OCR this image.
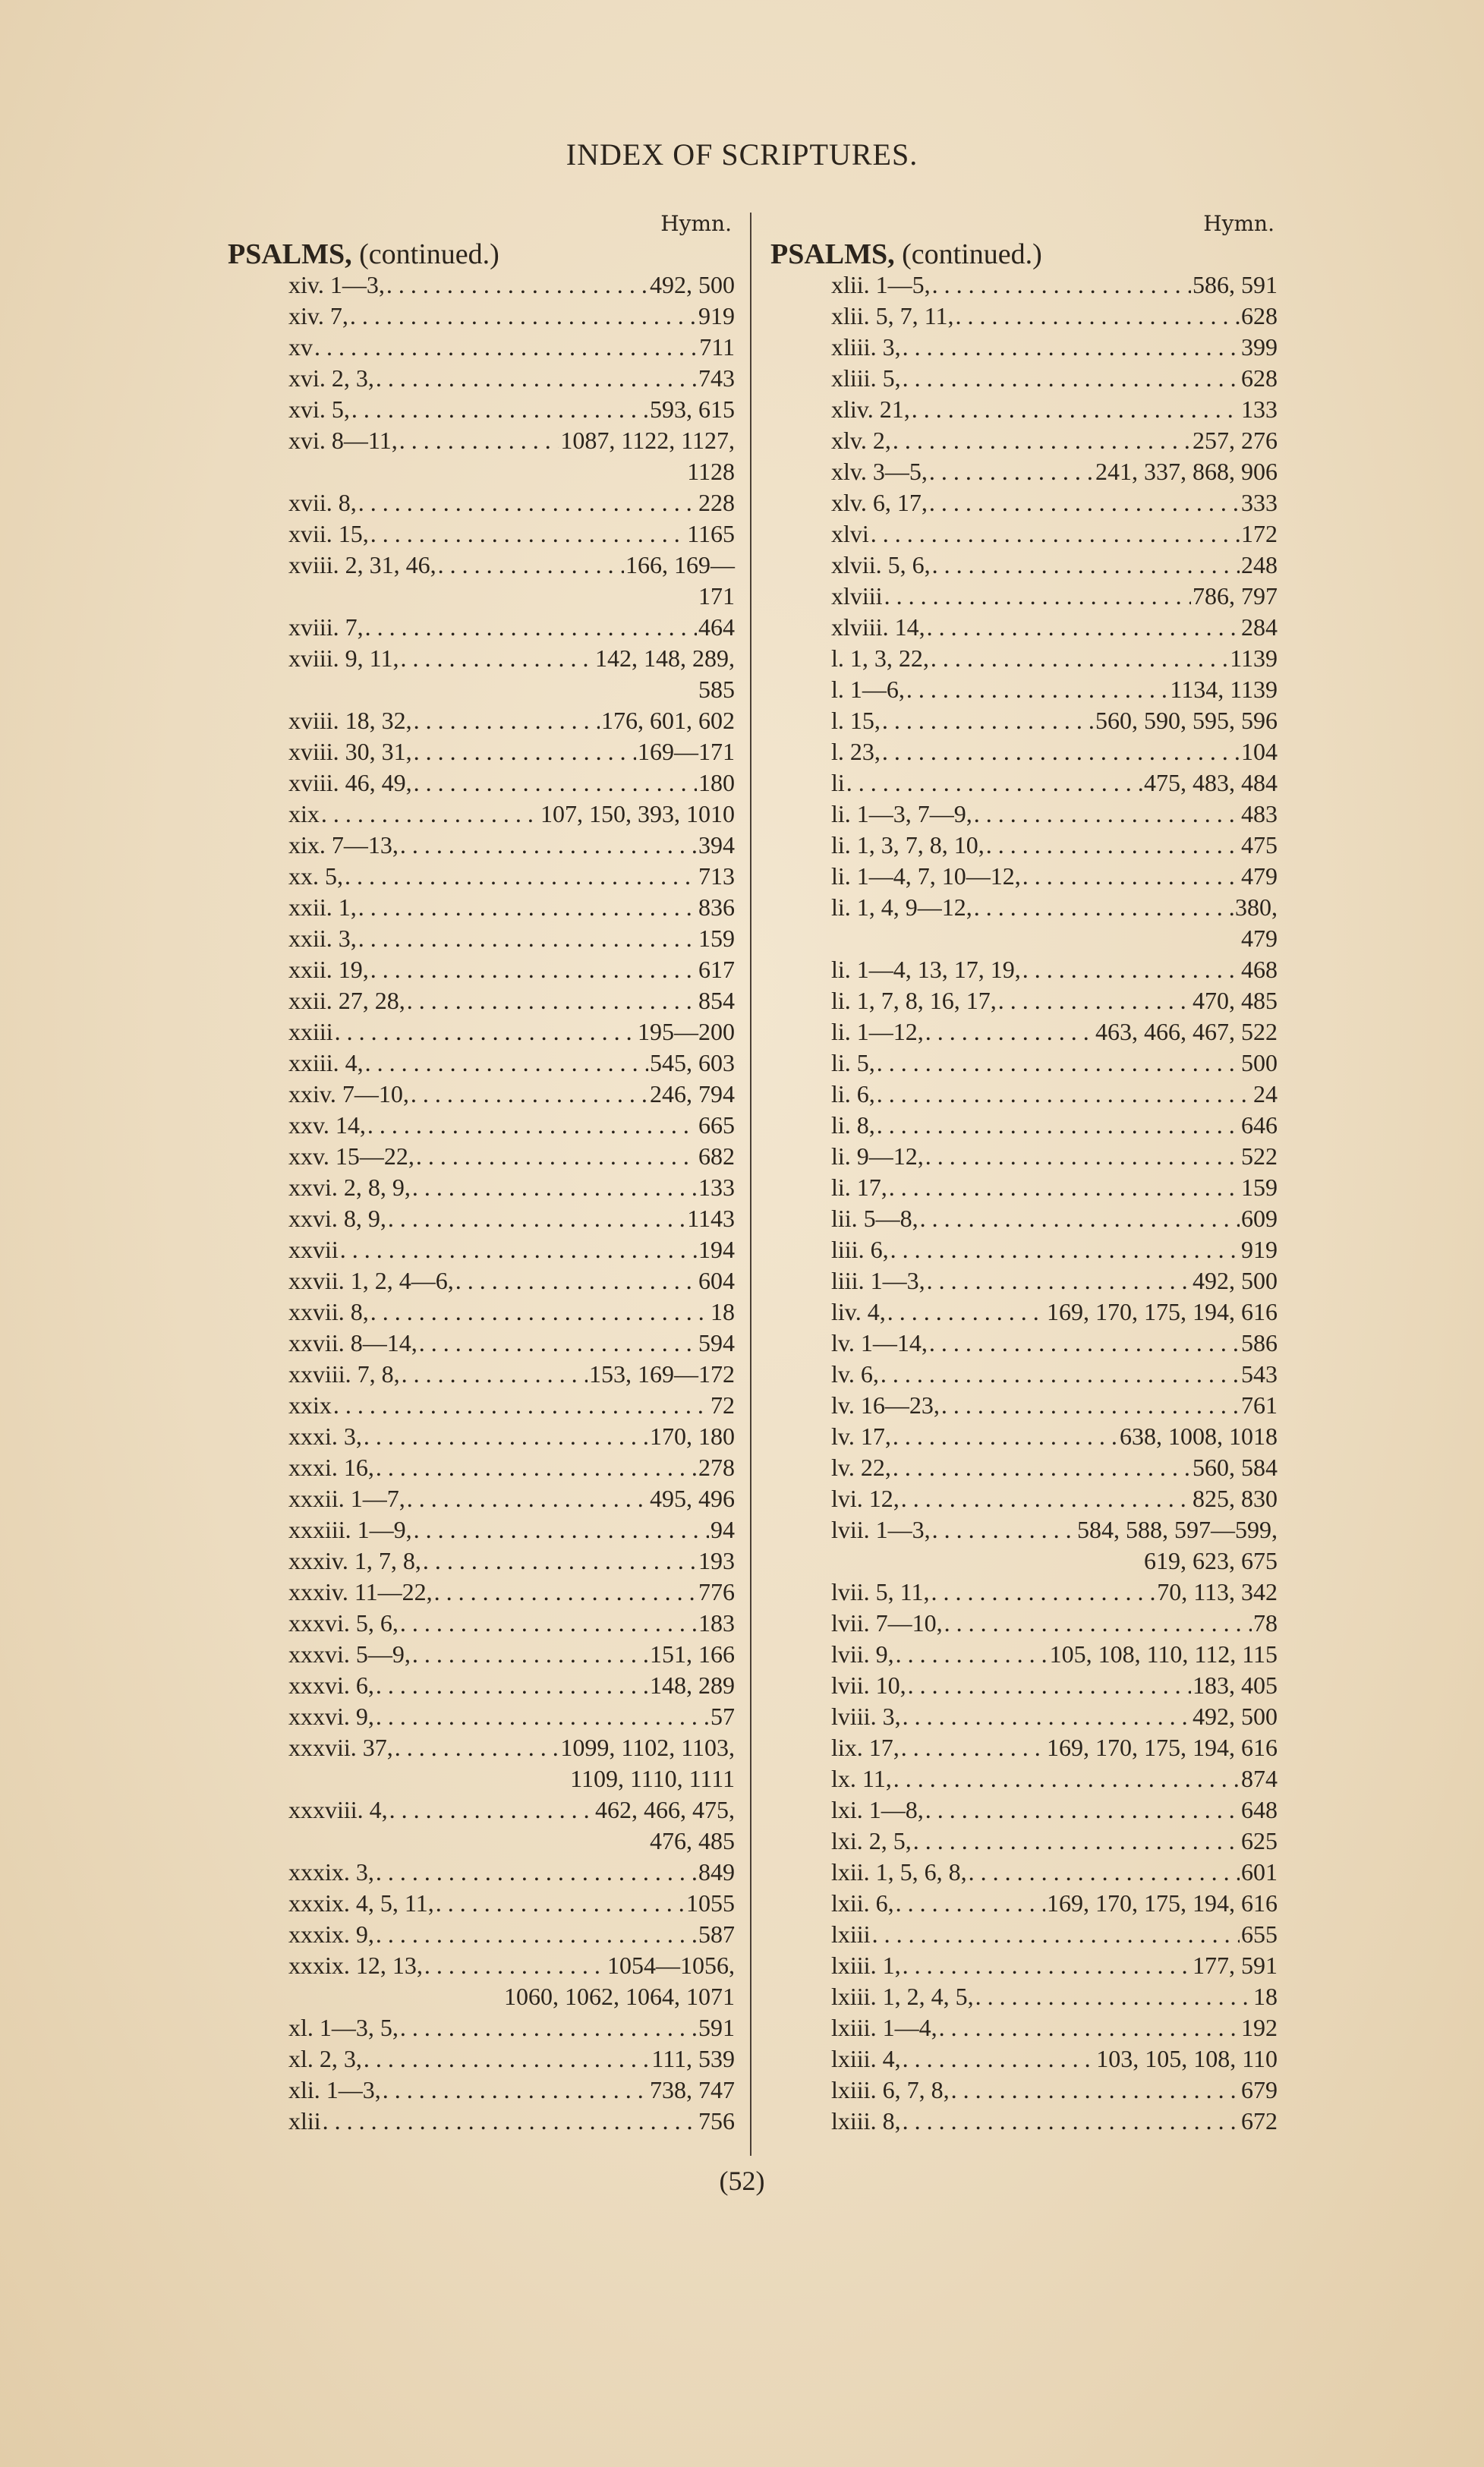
INDEX OF SCRIPTURES.
Hymn.
PSALMS, (continued.)
xiv. 1—3, . . .	492, 500
xiv. 7, . . .	919
xv . . .	711
xvi. 2, 3, . . .	743
xvi. 5, . . .	593, 615
xvi. 8—11, . . .	1087, 1122, 1127,
1128
xvii. 8, . . .	228
xvii. 15, . . .	1165
xviii. 2, 31, 46, . . .	166, 169—
171
xviii. 7, . . .	464
xviii. 9, 11, . . .	142, 148, 289,
585
xviii. 18, 32, . . .	176, 601, 602
xviii. 30, 31, . . .	169—171
xviii. 46, 49, . . .	180
xix . . .	107, 150, 393, 1010
xix. 7—13, . . .	394
xx. 5, . . .	713
xxii. 1, . . .	836
xxii. 3, . . .	159
xxii. 19, . . .	617
xxii. 27, 28, . . .	854
xxiii . . .	195—200
xxiii. 4, . . .	545, 603
xxiv. 7—10, . . .	246, 794
xxv. 14, . . .	665
xxv. 15—22, . . .	682
xxvi. 2, 8, 9, . . .	133
xxvi. 8, 9, . . .	1143
xxvii . . .	194
xxvii. 1, 2, 4—6, . . .	604
xxvii. 8, . . .	18
xxvii. 8—14, . . .	594
xxviii. 7, 8, . . .	153, 169—172
xxix . . .	72
xxxi. 3, . . .	170, 180
xxxi. 16, . . .	278
xxxii. 1—7, . . .	495, 496
xxxiii. 1—9, . . .	94
xxxiv. 1, 7, 8, . . .	193
xxxiv. 11—22, . . .	776
xxxvi. 5, 6, . . .	183
xxxvi. 5—9, . . .	151, 166
xxxvi. 6, . . .	148, 289
xxxvi. 9, . . .	57
xxxvii. 37, . . .	1099, 1102, 1103,
1109, 1110, 1111
xxxviii. 4, . . .	462, 466, 475,
476, 485
xxxix. 3, . . .	849
xxxix. 4, 5, 11, . . .	1055
xxxix. 9, . . .	587
xxxix. 12, 13, . . .	1054—1056,
1060, 1062, 1064, 1071
xl. 1—3, 5, . . .	591
xl. 2, 3, . . .	111, 539
xli. 1—3, . . .	738, 747
xlii . . .	756
Hymn.
PSALMS, (continued.)
xlii. 1—5, . . .	586, 591
xlii. 5, 7, 11, . . .	628
xliii. 3, . . .	399
xliii. 5, . . .	628
xliv. 21, . . .	133
xlv. 2, . . .	257, 276
xlv. 3—5, . . .	241, 337, 868, 906
xlv. 6, 17, . . .	333
xlvi . . .	172
xlvii. 5, 6, . . .	248
xlviii . . .	786, 797
xlviii. 14, . . .	284
l. 1, 3, 22, . . .	1139
l. 1—6, . . .	1134, 1139
l. 15, . . .	560, 590, 595, 596
l. 23, . . .	104
li . . .	475, 483, 484
li. 1—3, 7—9, . . .	483
li. 1, 3, 7, 8, 10, . . .	475
li. 1—4, 7, 10—12, . . .	479
li. 1, 4, 9—12, . . .	380,
479
li. 1—4, 13, 17, 19, . . .	468
li. 1, 7, 8, 16, 17, . . .	470, 485
li. 1—12, . . .	463, 466, 467, 522
li. 5, . . .	500
li. 6, . . .	24
li. 8, . . .	646
li. 9—12, . . .	522
li. 17, . . .	159
lii. 5—8, . . .	609
liii. 6, . . .	919
liii. 1—3, . . .	492, 500
liv. 4, . . .	169, 170, 175, 194, 616
lv. 1—14, . . .	586
lv. 6, . . .	543
lv. 16—23, . . .	761
lv. 17, . . .	638, 1008, 1018
lv. 22, . . .	560, 584
lvi. 12, . . .	825, 830
lvii. 1—3, . . .	584, 588, 597—599,
619, 623, 675
lvii. 5, 11, . . .	70, 113, 342
lvii. 7—10, . . .	78
lvii. 9, . . .	105, 108, 110, 112, 115
lvii. 10, . . .	183, 405
lviii. 3, . . .	492, 500
lix. 17, . . .	169, 170, 175, 194, 616
lx. 11, . . .	874
lxi. 1—8, . . .	648
lxi. 2, 5, . . .	625
lxii. 1, 5, 6, 8, . . .	601
lxii. 6, . . .	169, 170, 175, 194, 616
lxiii . . .	655
lxiii. 1, . . .	177, 591
lxiii. 1, 2, 4, 5, . . .	18
lxiii. 1—4, . . .	192
lxiii. 4, . . .	103, 105, 108, 110
lxiii. 6, 7, 8, . . .	679
lxiii. 8, . . .	672
(52)
